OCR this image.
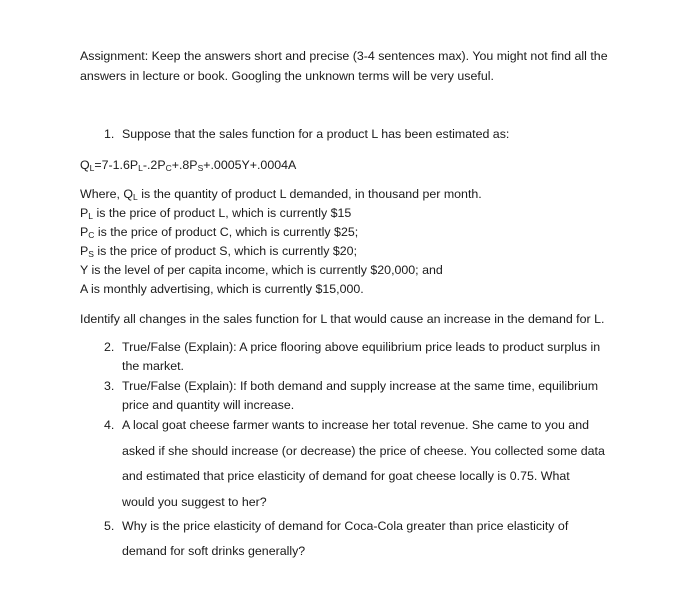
Assignment: Keep the answers short and precise (3-4 sentences max). You might not find all the
answers in lecture or book. Googling the unknown terms will be very useful.
1. Suppose that the sales function for a product L has been estimated as:
$Q_L=7-1.6P_L-.2P_C+.8P_S+.0005Y+.0004A$
Where, $Q_L$ is the quantity of product L demanded, in thousand per month.
$P_L$ is the price of product L, which is currently $15
$P_C$ is the price of product C, which is currently $25;
$P_S$ is the price of product S, which is currently $20;
Y is the level of per capita income, which is currently $20,000; and
A is monthly advertising, which is currently $15,000.
Identify all changes in the sales function for L that would cause an increase in the demand for L.
2. True/False (Explain): A price flooring above equilibrium price leads to product surplus in
the market.
3. True/False (Explain): If both demand and supply increase at the same time, equilibrium
price and quantity will increase.
4. A local goat cheese farmer wants to increase her total revenue. She came to you and
asked if she should increase (or decrease) the price of cheese. You collected some data
and estimated that price elasticity of demand for goat cheese locally is 0.75. What
would you suggest to her?
5. Why is the price elasticity of demand for Coca-Cola greater than price elasticity of
demand for soft drinks generally?
